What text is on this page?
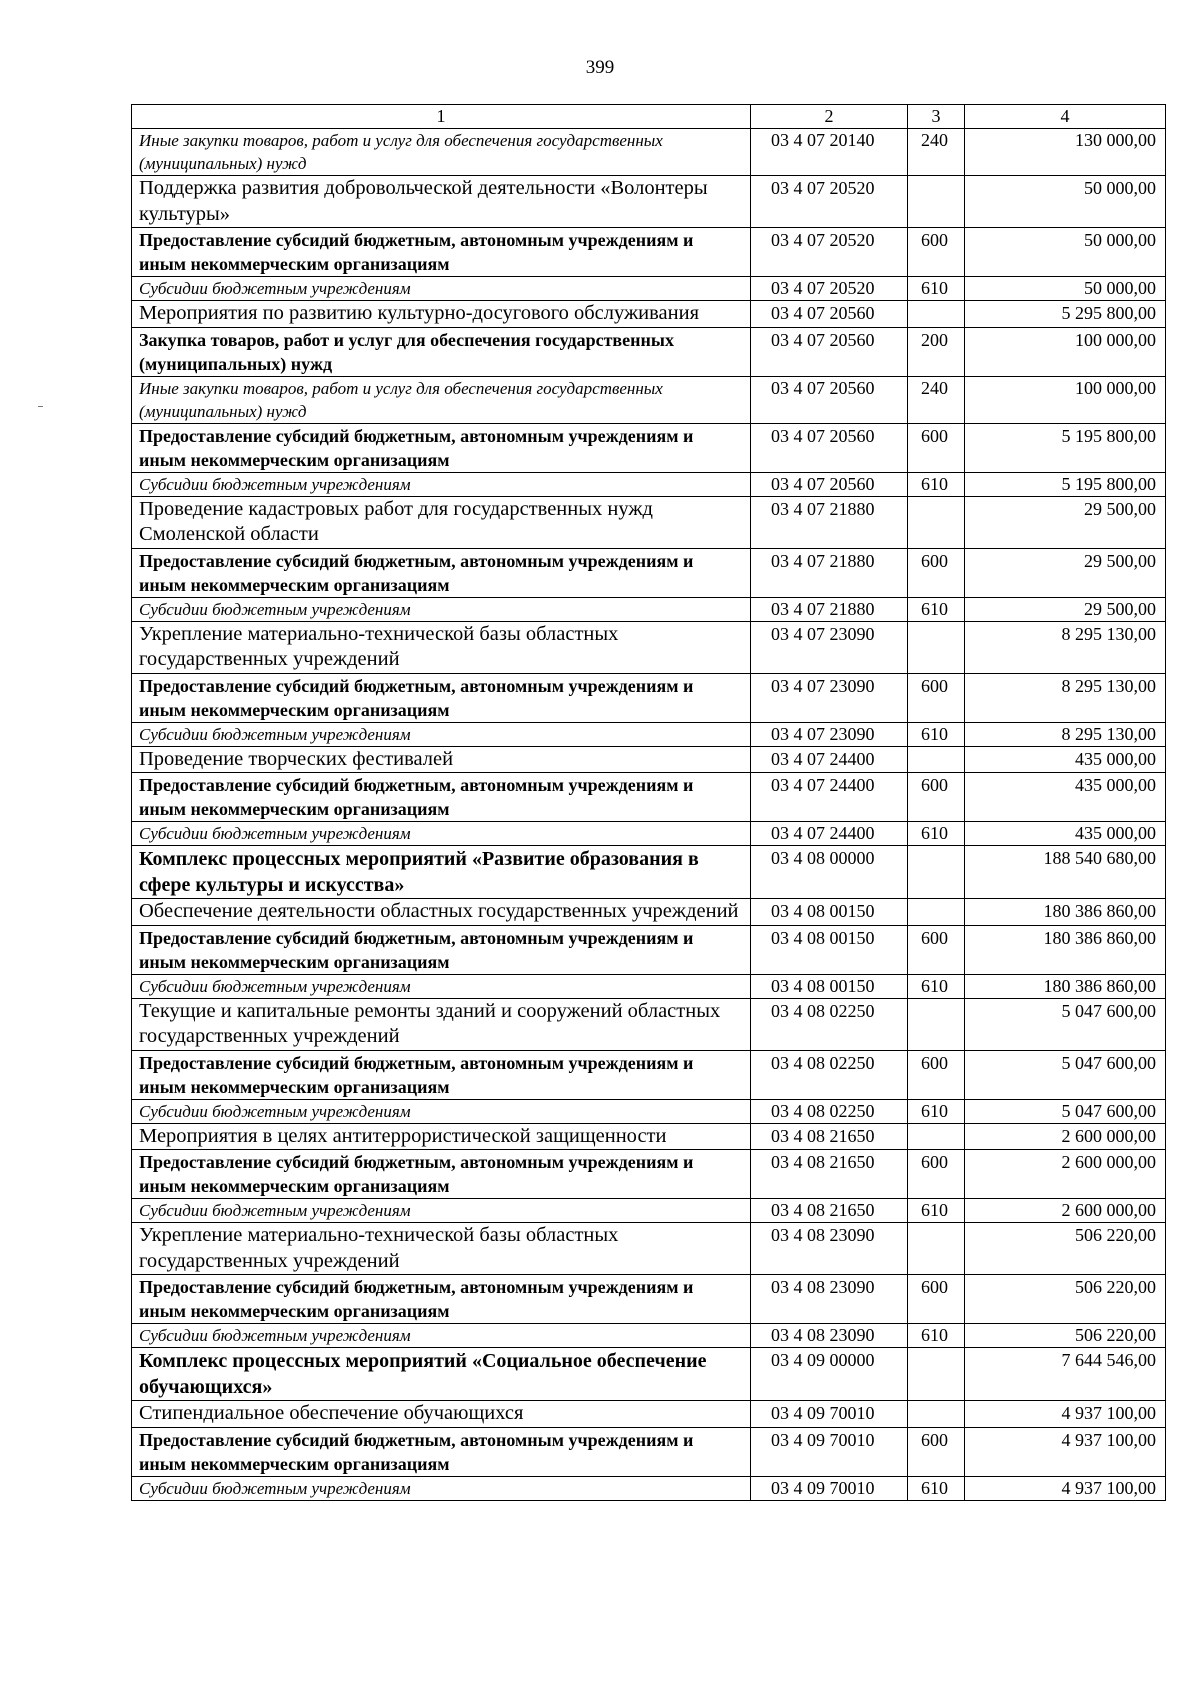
399
1	2	3	4
Иные закупки товаров, работ и услуг для обеспечения государственных (муниципальных) нужд	03 4 07 20140	240	130 000,00
Поддержка развития добровольческой деятельности «Волонтеры культуры»	03 4 07 20520		50 000,00
Предоставление субсидий бюджетным, автономным учреждениям и иным некоммерческим организациям	03 4 07 20520	600	50 000,00
Субсидии бюджетным учреждениям	03 4 07 20520	610	50 000,00
Мероприятия по развитию культурно-досугового обслуживания	03 4 07 20560		5 295 800,00
Закупка товаров, работ и услуг для обеспечения государственных (муниципальных) нужд	03 4 07 20560	200	100 000,00
Иные закупки товаров, работ и услуг для обеспечения государственных (муниципальных) нужд	03 4 07 20560	240	100 000,00
Предоставление субсидий бюджетным, автономным учреждениям и иным некоммерческим организациям	03 4 07 20560	600	5 195 800,00
Субсидии бюджетным учреждениям	03 4 07 20560	610	5 195 800,00
Проведение кадастровых работ для государственных нужд Смоленской области	03 4 07 21880		29 500,00
Предоставление субсидий бюджетным, автономным учреждениям и иным некоммерческим организациям	03 4 07 21880	600	29 500,00
Субсидии бюджетным учреждениям	03 4 07 21880	610	29 500,00
Укрепление материально-технической базы областных государственных учреждений	03 4 07 23090		8 295 130,00
Предоставление субсидий бюджетным, автономным учреждениям и иным некоммерческим организациям	03 4 07 23090	600	8 295 130,00
Субсидии бюджетным учреждениям	03 4 07 23090	610	8 295 130,00
Проведение творческих фестивалей	03 4 07 24400		435 000,00
Предоставление субсидий бюджетным, автономным учреждениям и иным некоммерческим организациям	03 4 07 24400	600	435 000,00
Субсидии бюджетным учреждениям	03 4 07 24400	610	435 000,00
Комплекс процессных мероприятий «Развитие образования в сфере культуры и искусства»	03 4 08 00000		188 540 680,00
Обеспечение деятельности областных государственных учреждений	03 4 08 00150		180 386 860,00
Предоставление субсидий бюджетным, автономным учреждениям и иным некоммерческим организациям	03 4 08 00150	600	180 386 860,00
Субсидии бюджетным учреждениям	03 4 08 00150	610	180 386 860,00
Текущие и капитальные ремонты зданий и сооружений областных государственных учреждений	03 4 08 02250		5 047 600,00
Предоставление субсидий бюджетным, автономным учреждениям и иным некоммерческим организациям	03 4 08 02250	600	5 047 600,00
Субсидии бюджетным учреждениям	03 4 08 02250	610	5 047 600,00
Мероприятия в целях антитеррористической защищенности	03 4 08 21650		2 600 000,00
Предоставление субсидий бюджетным, автономным учреждениям и иным некоммерческим организациям	03 4 08 21650	600	2 600 000,00
Субсидии бюджетным учреждениям	03 4 08 21650	610	2 600 000,00
Укрепление материально-технической базы областных государственных учреждений	03 4 08 23090		506 220,00
Предоставление субсидий бюджетным, автономным учреждениям и иным некоммерческим организациям	03 4 08 23090	600	506 220,00
Субсидии бюджетным учреждениям	03 4 08 23090	610	506 220,00
Комплекс процессных мероприятий «Социальное обеспечение обучающихся»	03 4 09 00000		7 644 546,00
Стипендиальное обеспечение обучающихся	03 4 09 70010		4 937 100,00
Предоставление субсидий бюджетным, автономным учреждениям и иным некоммерческим организациям	03 4 09 70010	600	4 937 100,00
Субсидии бюджетным учреждениям	03 4 09 70010	610	4 937 100,00
